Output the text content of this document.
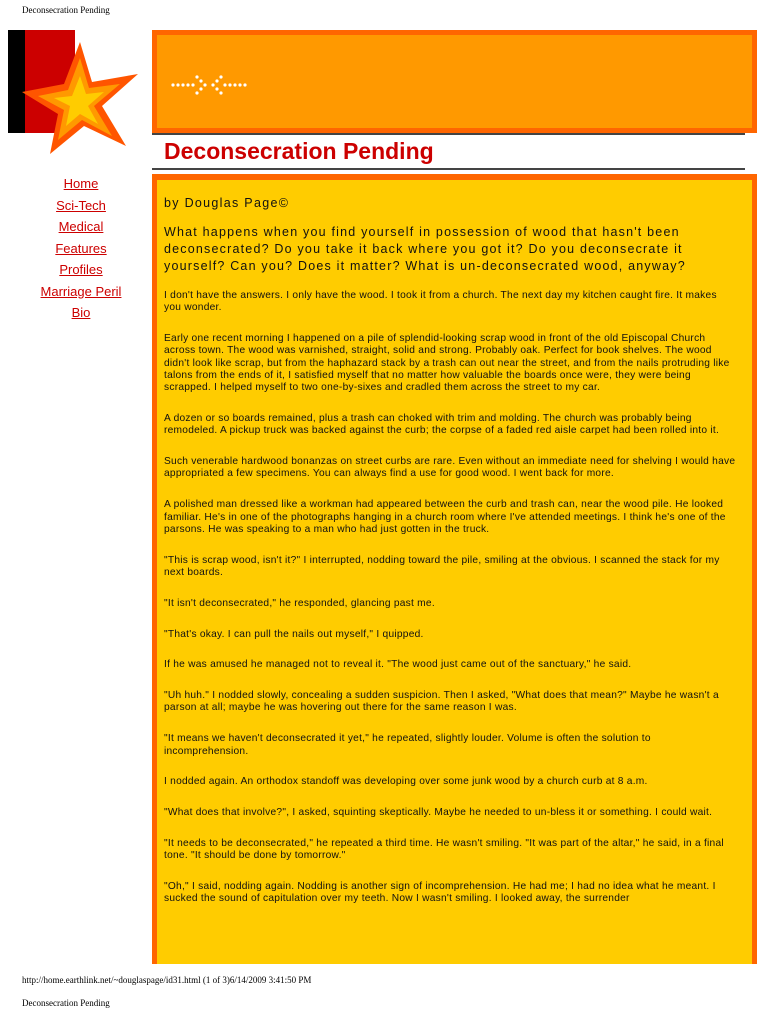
Deconsecration Pending
Deconsecration Pending
Home
Sci-Tech
Medical
Features
Profiles
Marriage Peril
Bio

by Douglas Page©

What happens when you find yourself in possession of wood that hasn't been deconsecrated? Do you take it back where you got it? Do you deconsecrate it yourself? Can you? Does it matter? What is un-deconsecrated wood, anyway?

I don't have the answers. I only have the wood. I took it from a church. The next day my kitchen caught fire. It makes you wonder.

Early one recent morning I happened on a pile of splendid-looking scrap wood in front of the old Episcopal Church across town. The wood was varnished, straight, solid and strong. Probably oak. Perfect for book shelves. The wood didn't look like scrap, but from the haphazard stack by a trash can out near the street, and from the nails protruding like talons from the ends of it, I satisfied myself that no matter how valuable the boards once were, they were being scrapped. I helped myself to two one-by-sixes and cradled them across the street to my car.

A dozen or so boards remained, plus a trash can choked with trim and molding. The church was probably being remodeled. A pickup truck was backed against the curb; the corpse of a faded red aisle carpet had been rolled into it.

Such venerable hardwood bonanzas on street curbs are rare. Even without an immediate need for shelving I would have appropriated a few specimens. You can always find a use for good wood. I went back for more.

A polished man dressed like a workman had appeared between the curb and trash can, near the wood pile. He looked familiar. He's in one of the photographs hanging in a church room where I've attended meetings. I think he's one of the parsons. He was speaking to a man who had just gotten in the truck.

"This is scrap wood, isn't it?" I interrupted, nodding toward the pile, smiling at the obvious. I scanned the stack for my next boards.

"It isn't deconsecrated," he responded, glancing past me.

"That's okay. I can pull the nails out myself," I quipped.

If he was amused he managed not to reveal it. "The wood just came out of the sanctuary," he said.

"Uh huh." I nodded slowly, concealing a sudden suspicion. Then I asked, "What does that mean?" Maybe he wasn't a parson at all; maybe he was hovering out there for the same reason I was.

"It means we haven't deconsecrated it yet," he repeated, slightly louder. Volume is often the solution to incomprehension.

I nodded again. An orthodox standoff was developing over some junk wood by a church curb at 8 a.m.

"What does that involve?", I asked, squinting skeptically. Maybe he needed to un-bless it or something. I could wait.

"It needs to be deconsecrated," he repeated a third time. He wasn't smiling. "It was part of the altar," he said, in a final tone. "It should be done by tomorrow."

"Oh," I said, nodding again. Nodding is another sign of incomprehension. He had me; I had no idea what he meant. I sucked the sound of capitulation over my teeth. Now I wasn't smiling. I looked away, the surrender

http://home.earthlink.net/~douglaspage/id31.html (1 of 3)6/14/2009 3:41:50 PM
Deconsecration Pending
